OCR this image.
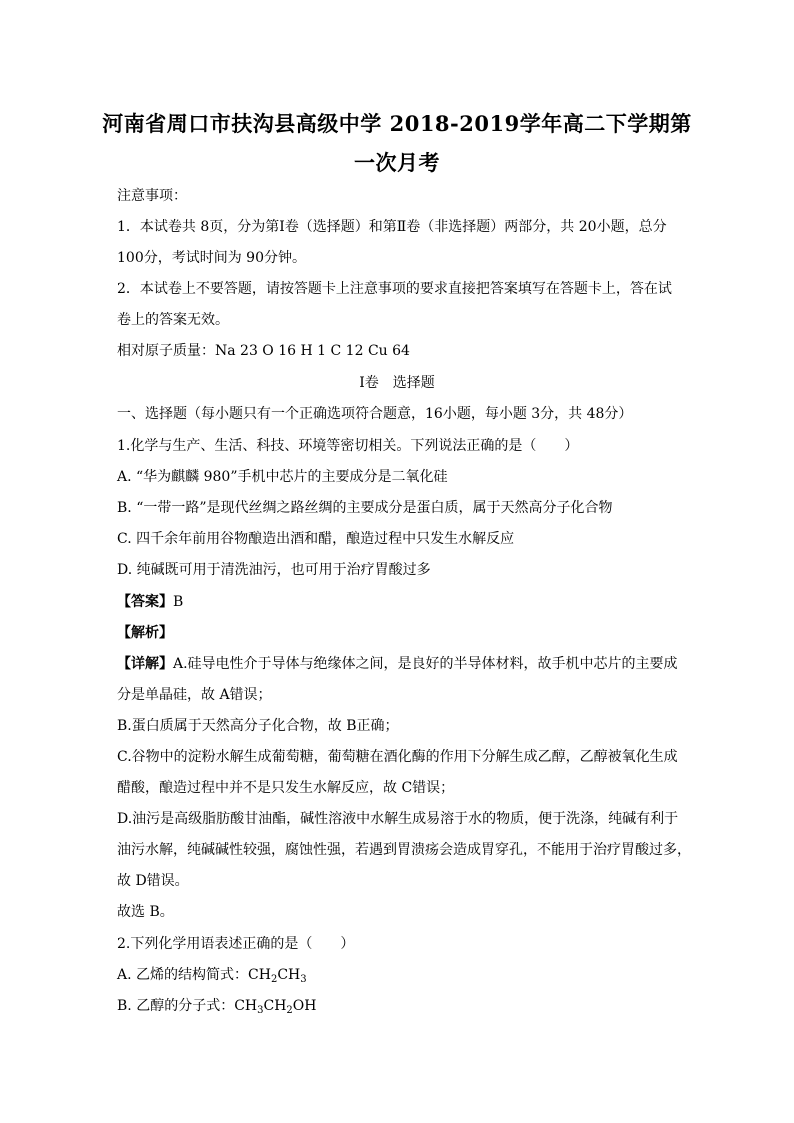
河南省周口市扶沟县高级中学 2018-2019学年高二下学期第
一次月考
注意事项：
1．本试卷共 8页，分为第Ⅰ卷（选择题）和第Ⅱ卷（非选择题）两部分，共 20小题，总分
100分，考试时间为 90分钟。
2．本试卷上不要答题，请按答题卡上注意事项的要求直接把答案填写在答题卡上，答在试
卷上的答案无效。
相对原子质量：Na 23 O 16 H 1 C 12 Cu 64
Ⅰ卷　选择题
一、选择题（每小题只有一个正确选项符合题意，16小题，每小题 3分，共 48分）
1.化学与生产、生活、科技、环境等密切相关。下列说法正确的是（　　）
A. “华为麒麟 980”手机中芯片的主要成分是二氧化硅
B. “一带一路”是现代丝绸之路丝绸的主要成分是蛋白质，属于天然高分子化合物
C. 四千余年前用谷物酿造出酒和醋，酿造过程中只发生水解反应
D. 纯碱既可用于清洗油污，也可用于治疗胃酸过多
【答案】B
【解析】
【详解】A.硅导电性介于导体与绝缘体之间，是良好的半导体材料，故手机中芯片的主要成
分是单晶硅，故 A错误；
B.蛋白质属于天然高分子化合物，故 B正确；
C.谷物中的淀粉水解生成葡萄糖，葡萄糖在酒化酶的作用下分解生成乙醇，乙醇被氧化生成
醋酸，酿造过程中并不是只发生水解反应，故 C错误；
D.油污是高级脂肪酸甘油酯，碱性溶液中水解生成易溶于水的物质，便于洗涤，纯碱有利于
油污水解，纯碱碱性较强，腐蚀性强，若遇到胃溃疡会造成胃穿孔，不能用于治疗胃酸过多，
故 D错误。
故选 B。
2.下列化学用语表述正确的是（　　）
A. 乙烯的结构简式：$CH_2CH_3$
B. 乙醇的分子式：$CH_3CH_2OH$
